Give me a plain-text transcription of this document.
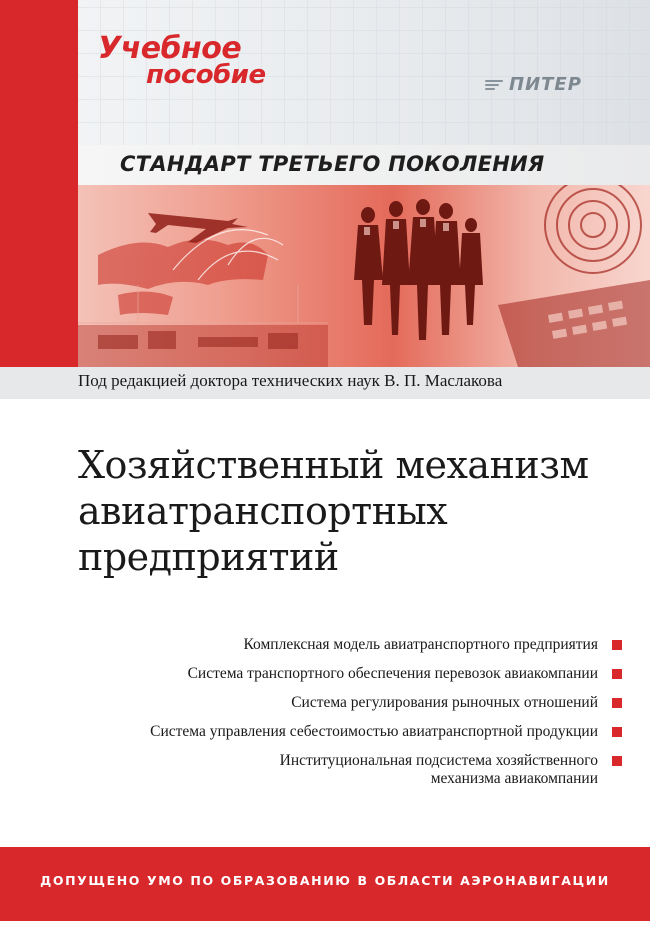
Учебное
пособие	ПИТЕР
СТАНДАРТ ТРЕТЬЕГО ПОКОЛЕНИЯ
Под редакцией доктора технических наук В. П. Маслакова
Хозяйственный механизм
авиатранспортных
предприятий
Комплексная модель авиатранспортного предприятия
Система транспортного обеспечения перевозок авиакомпании
Система регулирования рыночных отношений
Система управления себестоимостью авиатранспортной продукции
Институциональная подсистема хозяйственного
механизма авиакомпании
ДОПУЩЕНО УМО ПО ОБРАЗОВАНИЮ В ОБЛАСТИ АЭРОНАВИГАЦИИ
